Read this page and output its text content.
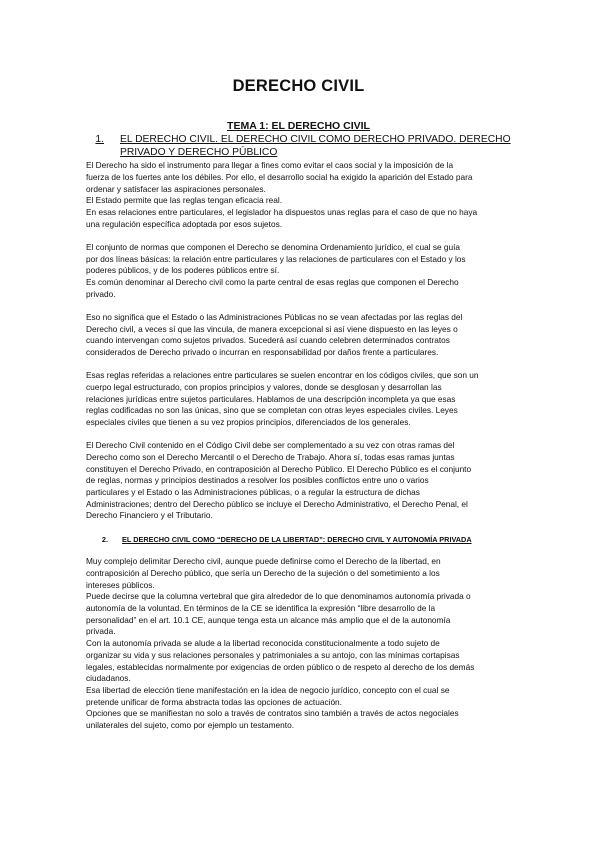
DERECHO CIVIL
TEMA 1: EL DERECHO CIVIL
1.	EL DERECHO CIVIL. EL DERECHO CIVIL COMO DERECHO PRIVADO. DERECHO PRIVADO Y DERECHO PÚBLICO

El Derecho ha sido el instrumento para llegar a fines como evitar el caos social y la imposición de la
fuerza de los fuertes ante los débiles. Por ello, el desarrollo social ha exigido la aparición del Estado para
ordenar y satisfacer las aspiraciones personales.
El Estado permite que las reglas tengan eficacia real.
En esas relaciones entre particulares, el legislador ha dispuestos unas reglas para el caso de que no haya
una regulación específica adoptada por esos sujetos.

El conjunto de normas que componen el Derecho se denomina Ordenamiento jurídico, el cual se guía
por dos líneas básicas: la relación entre particulares y las relaciones de particulares con el Estado y los
poderes públicos, y de los poderes públicos entre sí.
Es común denominar al Derecho civil como la parte central de esas reglas que componen el Derecho
privado.

Eso no significa que el Estado o las Administraciones Públicas no se vean afectadas por las reglas del
Derecho civil, a veces sí que las vincula, de manera excepcional si así viene dispuesto en las leyes o
cuando intervengan como sujetos privados. Sucederá así cuando celebren determinados contratos
considerados de Derecho privado o incurran en responsabilidad por daños frente a particulares.

Esas reglas referidas a relaciones entre particulares se suelen encontrar en los códigos civiles, que son un
cuerpo legal estructurado, con propios principios y valores, donde se desglosan y desarrollan las
relaciones jurídicas entre sujetos particulares. Hablamos de una descripción incompleta ya que esas
reglas codificadas no son las únicas, sino que se completan con otras leyes especiales civiles. Leyes
especiales civiles que tienen a su vez propios principios, diferenciados de los generales.

El Derecho Civil contenido en el Código Civil debe ser complementado a su vez con otras ramas del
Derecho como son el Derecho Mercantil o el Derecho de Trabajo. Ahora sí, todas esas ramas juntas
constituyen el Derecho Privado, en contraposición al Derecho Público. El Derecho Público es el conjunto
de reglas, normas y principios destinados a resolver los posibles conflictos entre uno o varios
particulares y el Estado o las Administraciones públicas, o a regular la estructura de dichas
Administraciones; dentro del Derecho público se incluye el Derecho Administrativo, el Derecho Penal, el
Derecho Financiero y el Tributario.

2.	EL DERECHO CIVIL COMO “DERECHO DE LA LIBERTAD”: DERECHO CIVIL Y AUTONOMÍA PRIVADA

Muy complejo delimitar Derecho civil, aunque puede definirse como el Derecho de la libertad, en
contraposición al Derecho público, que sería un Derecho de la sujeción o del sometimiento a los
intereses públicos.
Puede decirse que la columna vertebral que gira alrededor de lo que denominamos autonomía privada o
autonomía de la voluntad. En términos de la CE se identifica la expresión “libre desarrollo de la
personalidad” en el art. 10.1 CE, aunque tenga esta un alcance más amplio que el de la autonomía
privada.
Con la autonomía privada se alude a la libertad reconocida constitucionalmente a todo sujeto de
organizar su vida y sus relaciones personales y patrimoniales a su antojo, con las mínimas cortapisas
legales, establecidas normalmente por exigencias de orden público o de respeto al derecho de los demás
ciudadanos.
Esa libertad de elección tiene manifestación en la idea de negocio jurídico, concepto con el cual se
pretende unificar de forma abstracta todas las opciones de actuación.
Opciones que se manifiestan no solo a través de contratos sino también a través de actos negociales
unilaterales del sujeto, como por ejemplo un testamento.
